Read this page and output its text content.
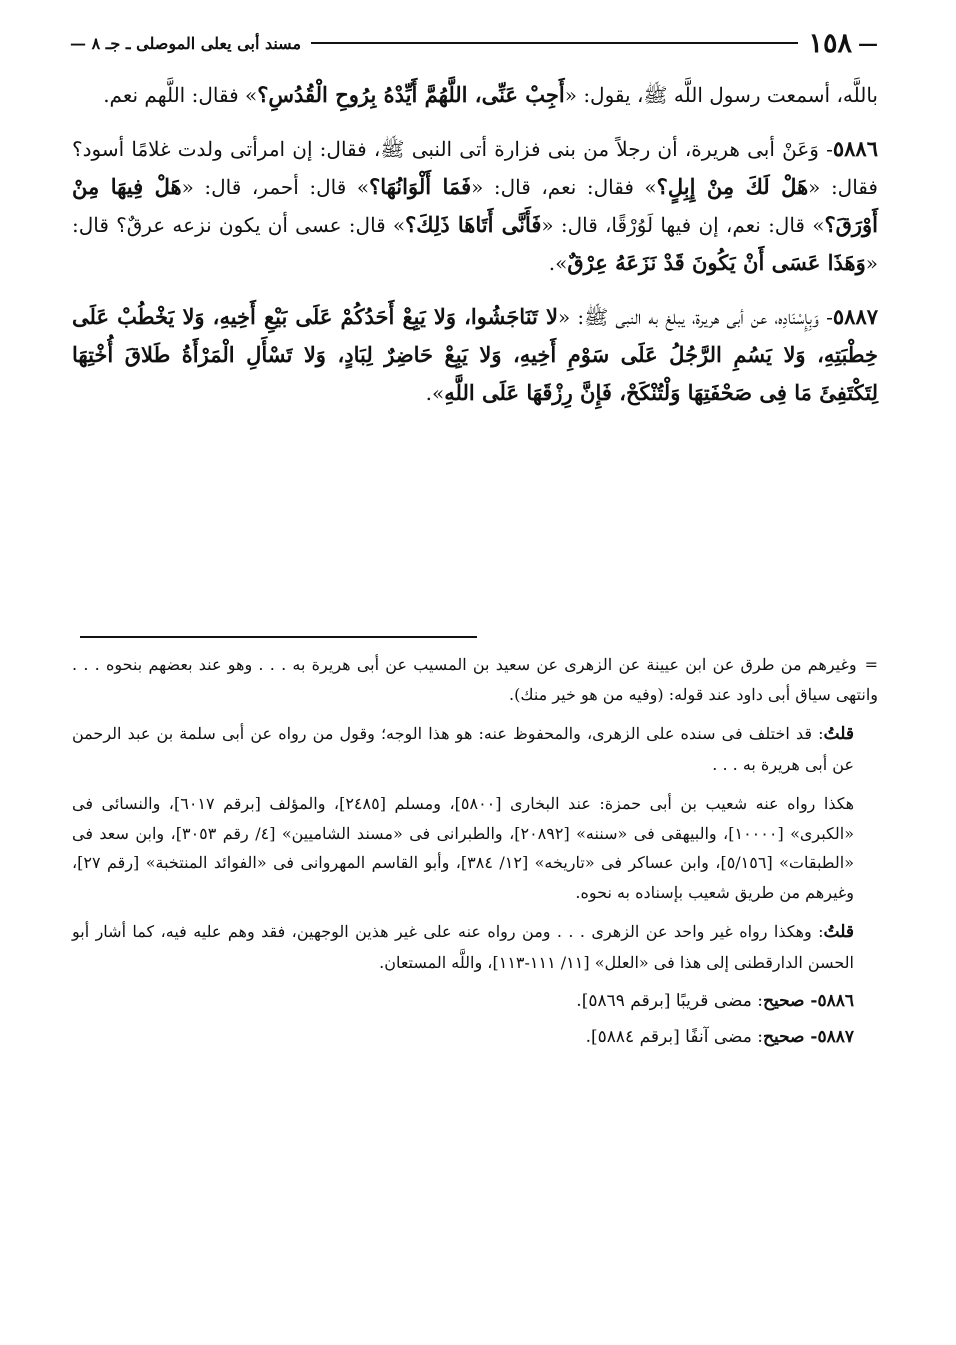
—
١٥٨
مسند أبى يعلى الموصلى ـ جـ ٨ —

باللَّه، أسمعت رسول اللَّه ﷺ، يقول: «أَجِبْ عَنِّى، اللَّهُمَّ أَيِّدْهُ بِرُوحِ الْقُدُسِ؟» فقال: اللَّهم نعم.

٥٨٨٦- وَعَنْ أبى هريرة، أن رجلاً من بنى فزارة أتى النبى ﷺ، فقال: إن امرأتى ولدت غلامًا أسود؟ فقال: «هَلْ لَكَ مِنْ إِبِلٍ؟» فقال: نعم، قال: «فَمَا أَلْوَانُهَا؟» قال: أحمر، قال: «هَلْ فِيهَا مِنْ أَوْرَقَ؟» قال: نعم، إن فيها لَوُرْقًا، قال: «فَأَنَّى أَتَاهَا ذَلِكَ؟» قال: عسى أن يكون نزعه عرقٌ؟ قال: «وَهَذَا عَسَى أَنْ يَكُونَ قَدْ نَزَعَهُ عِرْقٌ».

٥٨٨٧- وَبِإِسْنَادِه، عن أبى هريرة، يبلغ به النبى ﷺ: «لا تَنَاجَشُوا، وَلا يَبِعْ أَحَدُكُمْ عَلَى بَيْعِ أَخِيهِ، وَلا يَخْطُبْ عَلَى خِطْبَتِهِ، وَلا يَسُمِ الرَّجُلُ عَلَى سَوْمِ أَخِيهِ، وَلا يَبِعْ حَاضِرٌ لِبَادٍ، وَلا تَسْأَلِ الْمَرْأَةُ طَلاقَ أُخْتِهَا لِتَكْتَفِئَ مَا فِى صَحْفَتِهَا وَلْتُنْكَحْ، فَإِنَّ رِزْقَهَا عَلَى اللَّهِ».

=وغيرهم من طرق عن ابن عيينة عن الزهرى عن سعيد بن المسيب عن أبى هريرة به . . . وهو عند بعضهم بنحوه . . . وانتهى سياق أبى داود عند قوله: (وفيه من هو خير منك).

قلتُ: قد اختلف فى سنده على الزهرى، والمحفوظ عنه: هو هذا الوجه؛ وقول من رواه عن أبى سلمة بن عبد الرحمن عن أبى هريرة به . . .

هكذا رواه عنه شعيب بن أبى حمزة: عند البخارى [٥٨٠٠]، ومسلم [٢٤٨٥]، والمؤلف [برقم ٦٠١٧]، والنسائى فى «الكبرى» [١٠٠٠٠]، والبيهقى فى «سننه» [٢٠٨٩٢]، والطبرانى فى «مسند الشاميين» [٤/ رقم ٣٠٥٣]، وابن سعد فى «الطبقات» [٥/١٥٦]، وابن عساكر فى «تاريخه» [١٢/ ٣٨٤]، وأبو القاسم المهروانى فى «الفوائد المنتخبة» [رقم ٢٧]، وغيرهم من طريق شعيب بإسناده به نحوه.

قلتُ: وهكذا رواه غير واحد عن الزهرى . . . ومن رواه عنه على غير هذين الوجهين، فقد وهم عليه فيه، كما أشار أبو الحسن الدارقطنى إلى هذا فى «العلل» [١١/ ١١١-١١٣]، واللَّه المستعان.

٥٨٨٦- صحيح: مضى قريبًا [برقم ٥٨٦٩].

٥٨٨٧- صحيح: مضى آنفًا [برقم ٥٨٨٤].
